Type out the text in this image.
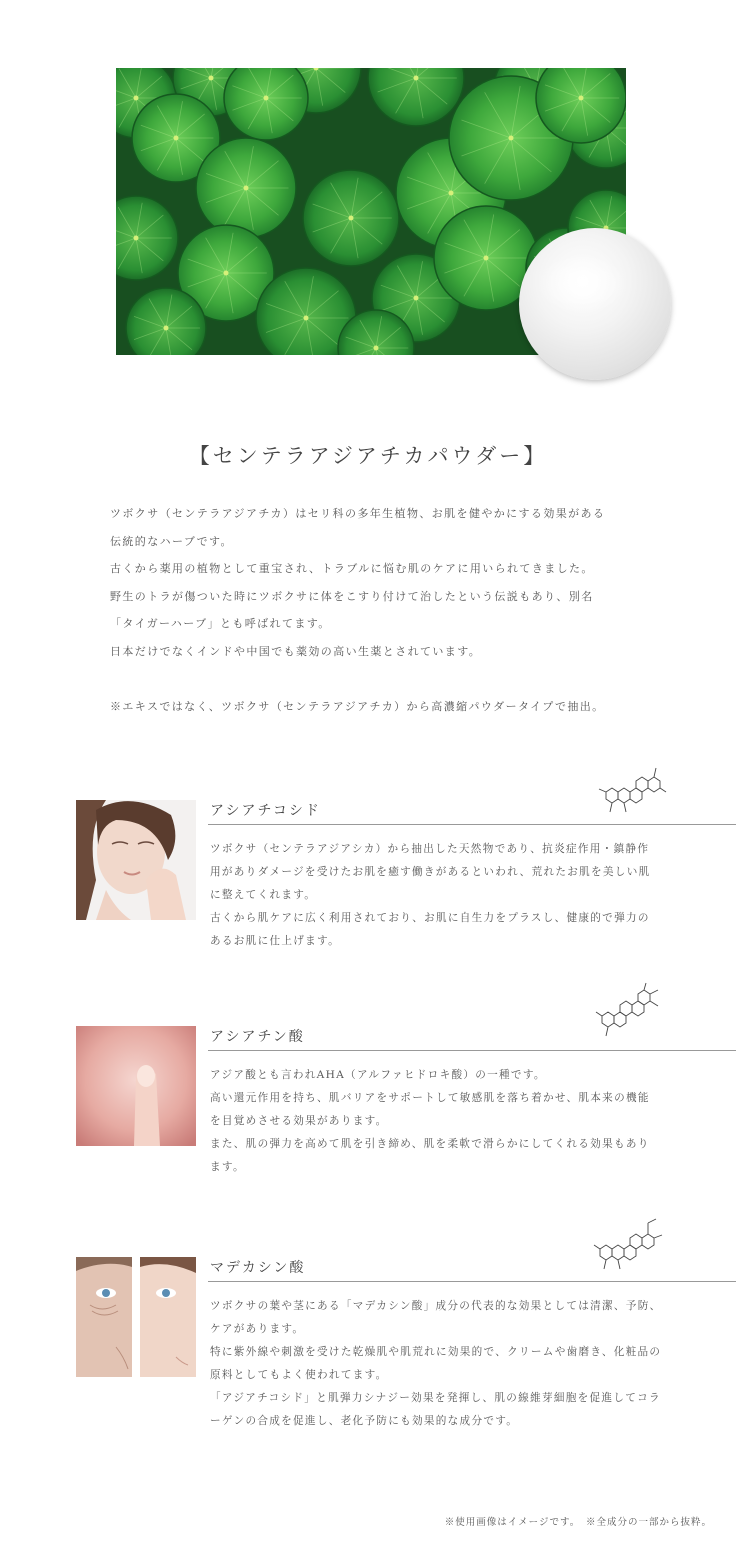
【センテラアジアチカパウダー】

ツボクサ（センテラアジアチカ）はセリ科の多年生植物、お肌を健やかにする効果がある

伝統的なハーブです。

古くから薬用の植物として重宝され、トラブルに悩む肌のケアに用いられてきました。

野生のトラが傷ついた時にツボクサに体をこすり付けて治したという伝説もあり、別名

「タイガーハーブ」とも呼ばれてます。

日本だけでなくインドや中国でも薬効の高い生薬とされています。

※エキスではなく、ツボクサ（センテラアジアチカ）から高濃縮パウダータイプで抽出。

アシアチコシド

ツボクサ（センテラアジアシカ）から抽出した天然物であり、抗炎症作用・鎮静作

用がありダメージを受けたお肌を癒す働きがあるといわれ、荒れたお肌を美しい肌

に整えてくれます。

古くから肌ケアに広く利用されており、お肌に自生力をプラスし、健康的で弾力の

あるお肌に仕上げます。

アシアチン酸

アジア酸とも言われAHA（アルファヒドロキ酸）の一種です。

高い還元作用を持ち、肌バリアをサポートして敏感肌を落ち着かせ、肌本来の機能

を目覚めさせる効果があります。

また、肌の弾力を高めて肌を引き締め、肌を柔軟で滑らかにしてくれる効果もあり

ます。

マデカシン酸

ツボクサの葉や茎にある「マデカシン酸」成分の代表的な効果としては清潔、予防、

ケアがあります。

特に紫外線や刺激を受けた乾燥肌や肌荒れに効果的で、クリームや歯磨き、化粧品の

原料としてもよく使われてます。

「アジアチコシド」と肌弾力シナジー効果を発揮し、肌の線維芽細胞を促進してコラ

ーゲンの合成を促進し、老化予防にも効果的な成分です。

※使用画像はイメージです。　※全成分の一部から抜粋。
